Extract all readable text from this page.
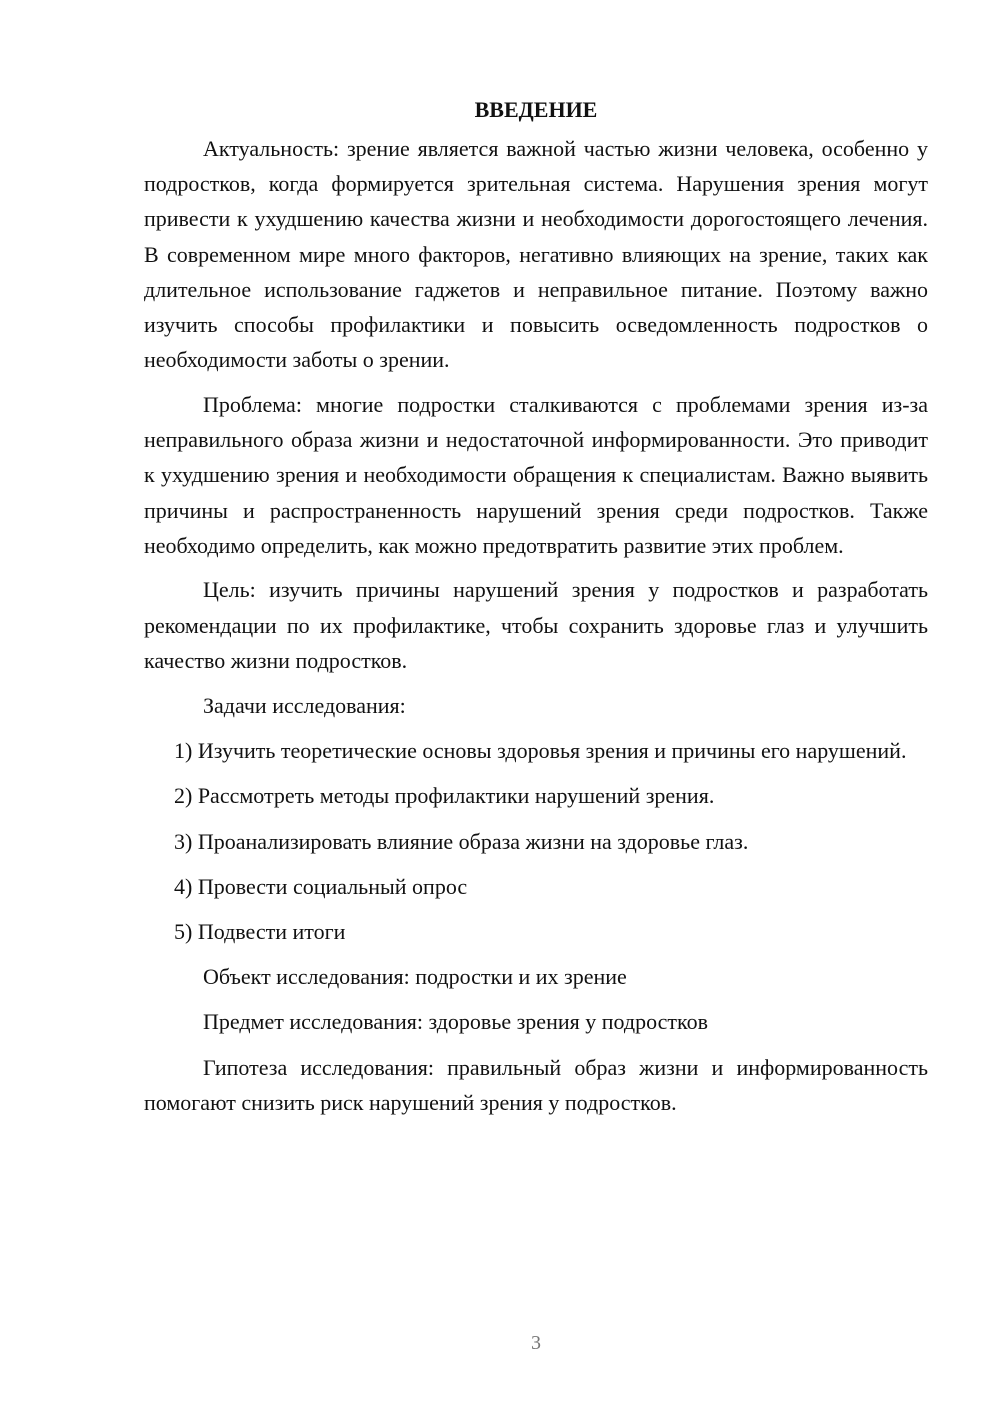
ВВЕДЕНИЕ

Актуальность: зрение является важной частью жизни человека, особенно у подростков, когда формируется зрительная система. Нарушения зрения могут привести к ухудшению качества жизни и необходимости дорогостоящего лечения. В современном мире много факторов, негативно влияющих на зрение, таких как длительное использование гаджетов и неправильное питание. Поэтому важно изучить способы профилактики и повысить осведомленность подростков о необходимости заботы о зрении.

Проблема: многие подростки сталкиваются с проблемами зрения из-за неправильного образа жизни и недостаточной информированности. Это приводит к ухудшению зрения и необходимости обращения к специалистам. Важно выявить причины и распространенность нарушений зрения среди подростков. Также необходимо определить, как можно предотвратить развитие этих проблем.

Цель: изучить причины нарушений зрения у подростков и разработать рекомендации по их профилактике, чтобы сохранить здоровье глаз и улучшить качество жизни подростков.

Задачи исследования:

1) Изучить теоретические основы здоровья зрения и причины его нарушений.

2) Рассмотреть методы профилактики нарушений зрения.

3) Проанализировать влияние образа жизни на здоровье глаз.

4) Провести социальный опрос

5) Подвести итоги

Объект исследования: подростки и их зрение

Предмет исследования: здоровье зрения у подростков

Гипотеза исследования: правильный образ жизни и информированность помогают снизить риск нарушений зрения у подростков.

3
